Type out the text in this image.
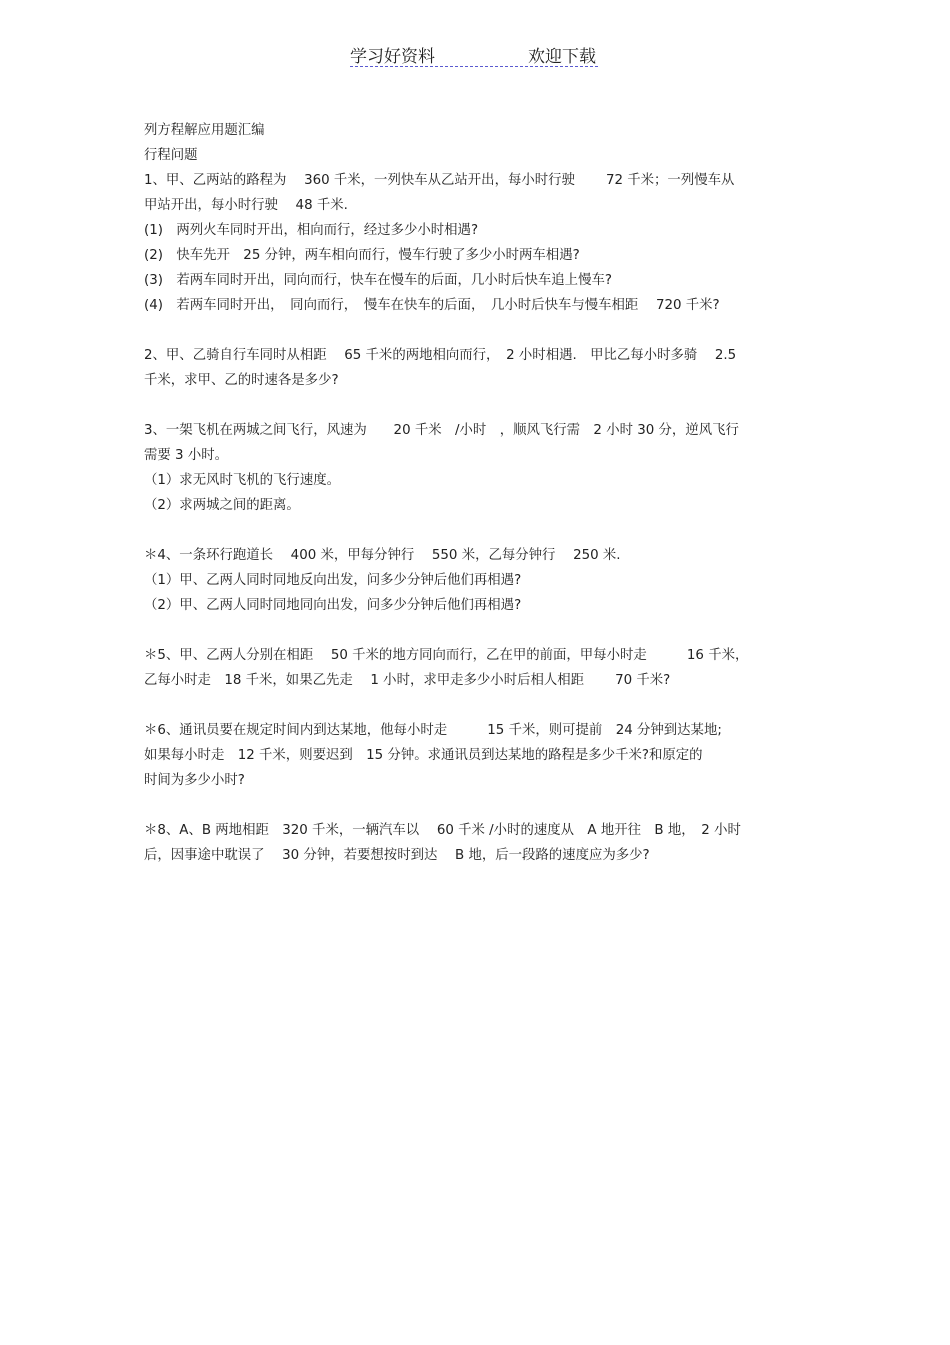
学习好资料	欢迎下载
列方程解应用题汇编
行程问题
1、甲、乙两站的路程为　 360 千米，一列快车从乙站开出，每小时行驶　　 72 千米；一列慢车从
甲站开出，每小时行驶　 48 千米.
(1)　两列火车同时开出，相向而行，经过多少小时相遇?
(2)　快车先开　25 分钟，两车相向而行，慢车行驶了多少小时两车相遇?
(3)　若两车同时开出，同向而行，快车在慢车的后面，几小时后快车追上慢车?
(4)　若两车同时开出，　同向而行，　慢车在快车的后面，　几小时后快车与慢车相距　 720 千米?
2、甲、乙骑自行车同时从相距　 65 千米的两地相向而行，　2 小时相遇.　甲比乙每小时多骑　 2.5
千米，求甲、乙的时速各是多少?
3、一架飞机在两城之间飞行，风速为　　20 千米　/小时　，顺风飞行需　2 小时 30 分，逆风飞行
需要 3 小时。
（1）求无风时飞机的飞行速度。
（2）求两城之间的距离。
＊4、一条环行跑道长　 400 米，甲每分钟行　 550 米，乙每分钟行　 250 米.
（1）甲、乙两人同时同地反向出发，问多少分钟后他们再相遇?
（2）甲、乙两人同时同地同向出发，问多少分钟后他们再相遇?
＊5、甲、乙两人分别在相距　 50 千米的地方同向而行，乙在甲的前面，甲每小时走　　　16 千米，
乙每小时走　18 千米，如果乙先走　 1 小时，求甲走多少小时后相人相距　　 70 千米?
＊6、通讯员要在规定时间内到达某地，他每小时走　　　15 千米，则可提前　24 分钟到达某地;
如果每小时走　12 千米，则要迟到　15 分钟。求通讯员到达某地的路程是多少千米?和原定的
时间为多少小时?
＊8、A、B 两地相距　320 千米，一辆汽车以　 60 千米 /小时的速度从　A 地开往　B 地，　2 小时
后，因事途中耽误了　 30 分钟，若要想按时到达　 B 地，后一段路的速度应为多少?
